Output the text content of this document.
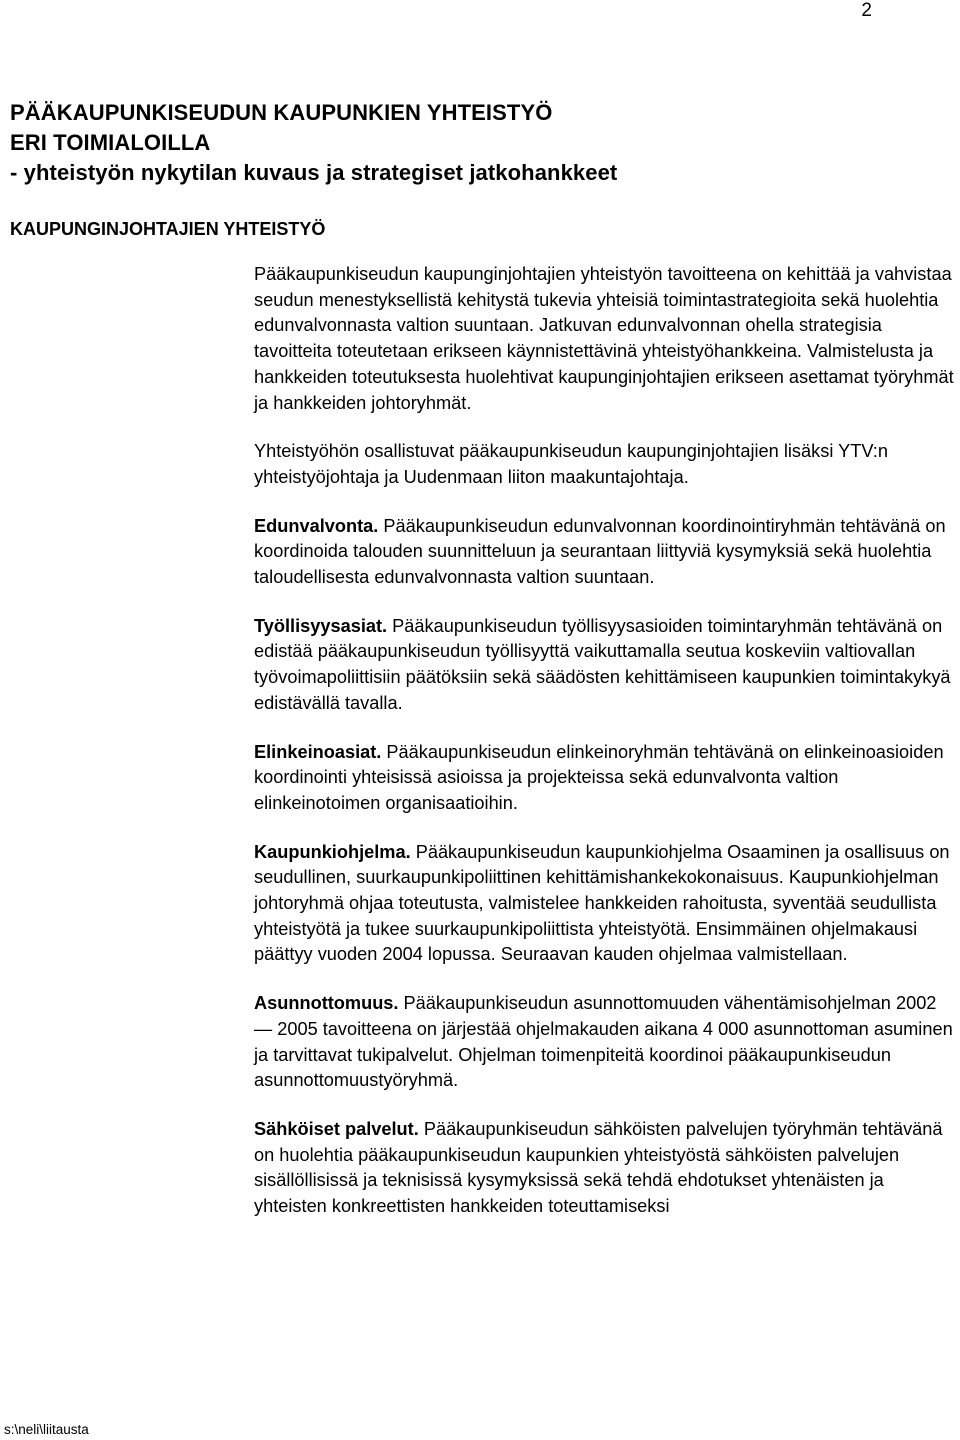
2
PÄÄKAUPUNKISEUDUN KAUPUNKIEN YHTEISTYÖ
ERI TOIMIALOILLA
- yhteistyön nykytilan kuvaus ja strategiset jatkohankkeet
KAUPUNGINJOHTAJIEN YHTEISTYÖ

Pääkaupunkiseudun kaupunginjohtajien yhteistyön tavoitteena on kehittää ja vahvistaa seudun menestyksellistä kehitystä tukevia yhteisiä toimintastrategioita sekä huolehtia edunvalvonnasta valtion suuntaan. Jatkuvan edunvalvonnan ohella strategisia tavoitteita toteutetaan erikseen käynnistettävinä yhteistyöhankkeina. Valmistelusta ja hankkeiden toteutuksesta huolehtivat kaupunginjohtajien erikseen asettamat työryhmät ja hankkeiden johtoryhmät.

Yhteistyöhön osallistuvat pääkaupunkiseudun kaupunginjohtajien lisäksi YTV:n yhteistyöjohtaja ja Uudenmaan liiton maakuntajohtaja.

Edunvalvonta. Pääkaupunkiseudun edunvalvonnan koordinointiryhmän tehtävänä on koordinoida talouden suunnitteluun ja seurantaan liittyviä kysymyksiä sekä huolehtia taloudellisesta edunvalvonnasta valtion suuntaan.

Työllisyysasiat. Pääkaupunkiseudun työllisyysasioiden toimintaryhmän tehtävänä on edistää pääkaupunkiseudun työllisyyttä vaikuttamalla seutua koskeviin valtiovallan työvoimapoliittisiin päätöksiin sekä säädösten kehittämiseen kaupunkien toimintakykyä edistävällä tavalla.

Elinkeinoasiat. Pääkaupunkiseudun elinkeinoryhmän tehtävänä on elinkeinoasioiden koordinointi yhteisissä asioissa ja projekteissa sekä edunvalvonta valtion elinkeinotoimen organisaatioihin.

Kaupunkiohjelma. Pääkaupunkiseudun kaupunkiohjelma Osaaminen ja osallisuus on seudullinen, suurkaupunkipoliittinen kehittämishankekokonaisuus. Kaupunkiohjelman johtoryhmä ohjaa toteutusta, valmistelee hankkeiden rahoitusta, syventää seudullista yhteistyötä ja tukee suurkaupunkipoliittista yhteistyötä. Ensimmäinen ohjelmakausi päättyy vuoden 2004 lopussa. Seuraavan kauden ohjelmaa valmistellaan.

Asunnottomuus. Pääkaupunkiseudun asunnottomuuden vähentämisohjelman 2002 — 2005 tavoitteena on järjestää ohjelmakauden aikana 4 000 asunnottoman asuminen ja tarvittavat tukipalvelut. Ohjelman toimenpiteitä koordinoi pääkaupunkiseudun asunnottomuustyöryhmä.

Sähköiset palvelut. Pääkaupunkiseudun sähköisten palvelujen työryhmän tehtävänä on huolehtia pääkaupunkiseudun kaupunkien yhteistyöstä sähköisten palvelujen sisällöllisissä ja teknisissä kysymyksissä sekä tehdä ehdotukset yhtenäisten ja yhteisten konkreettisten hankkeiden toteuttamiseksi

s:\neli\liitausta
